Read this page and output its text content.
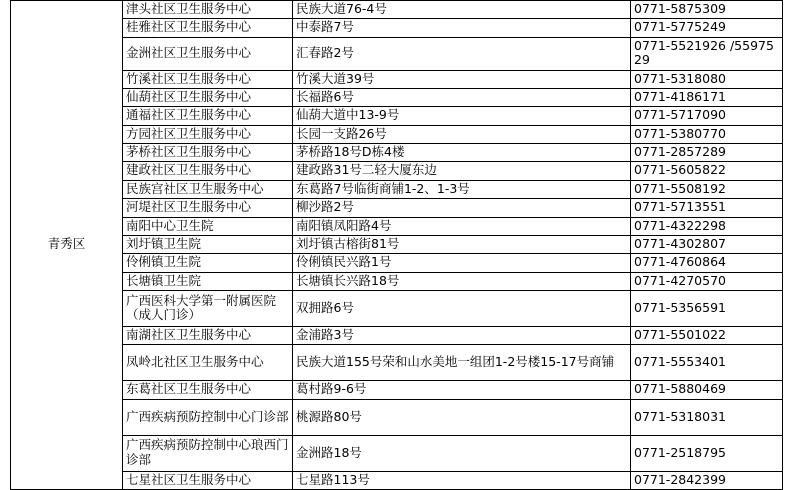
青秀区	津头社区卫生服务中心	民族大道76-4号	0771-5875309
	桂雅社区卫生服务中心	中泰路7号	0771-5775249
	金洲社区卫生服务中心	汇春路2号	0771-5521926 /5597529
	竹溪社区卫生服务中心	竹溪大道39号	0771-5318080
	仙葫社区卫生服务中心	长福路6号	0771-4186171
	通福社区卫生服务中心	仙葫大道中13-9号	0771-5717090
	方园社区卫生服务中心	长园一支路26号	0771-5380770
	茅桥社区卫生服务中心	茅桥路18号D栋4楼	0771-2857289
	建政社区卫生服务中心	建政路31号二轻大厦东边	0771-5605822
	民族宫社区卫生服务中心	东葛路7号临街商铺1-2、1-3号	0771-5508192
	河堤社区卫生服务中心	柳沙路2号	0771-5713551
	南阳中心卫生院	南阳镇凤阳路4号	0771-4322298
	刘圩镇卫生院	刘圩镇古榕街81号	0771-4302807
	伶俐镇卫生院	伶俐镇民兴路1号	0771-4760864
	长塘镇卫生院	长塘镇长兴路18号	0771-4270570
	广西医科大学第一附属医院（成人门诊）	双拥路6号	0771-5356591
	南湖社区卫生服务中心	金浦路3号	0771-5501022
	凤岭北社区卫生服务中心	民族大道155号荣和山水美地一组团1-2号楼15-17号商铺	0771-5553401
	东葛社区卫生服务中心	葛村路9-6号	0771-5880469
	广西疾病预防控制中心门诊部	桃源路80号	0771-5318031
	广西疾病预防控制中心琅西门诊部	金洲路18号	0771-2518795
	七星社区卫生服务中心	七星路113号	0771-2842399
